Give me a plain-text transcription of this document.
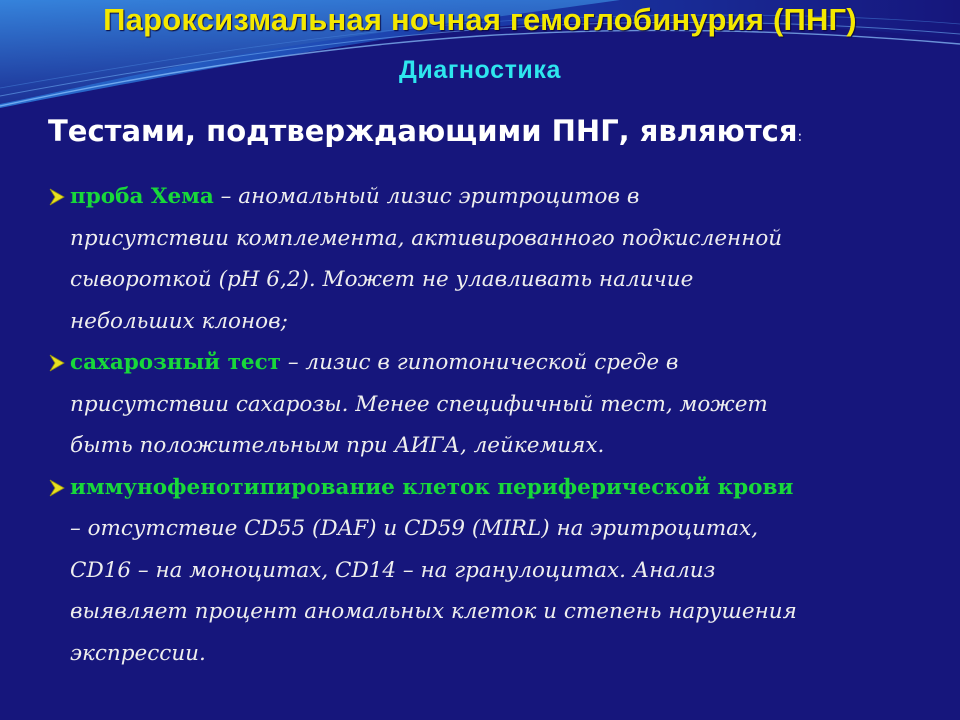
Пароксизмальная ночная гемоглобинурия (ПНГ)
Диагностика
Тестами, подтверждающими ПНГ, являются:
проба Хема – аномальный лизис эритроцитов в
присутствии комплемента, активированного подкисленной
сывороткой (рН 6,2). Может не улавливать наличие
небольших клонов;
сахарозный тест – лизис в гипотонической среде в
присутствии сахарозы. Менее специфичный тест, может
быть положительным при АИГА, лейкемиях.
иммунофенотипирование клеток периферической крови
– отсутствие CD55 (DAF) и CD59 (MIRL) на эритроцитах,
CD16 – на моноцитах, CD14 – на гранулоцитах. Анализ
выявляет процент аномальных клеток и степень нарушения
экспрессии.
